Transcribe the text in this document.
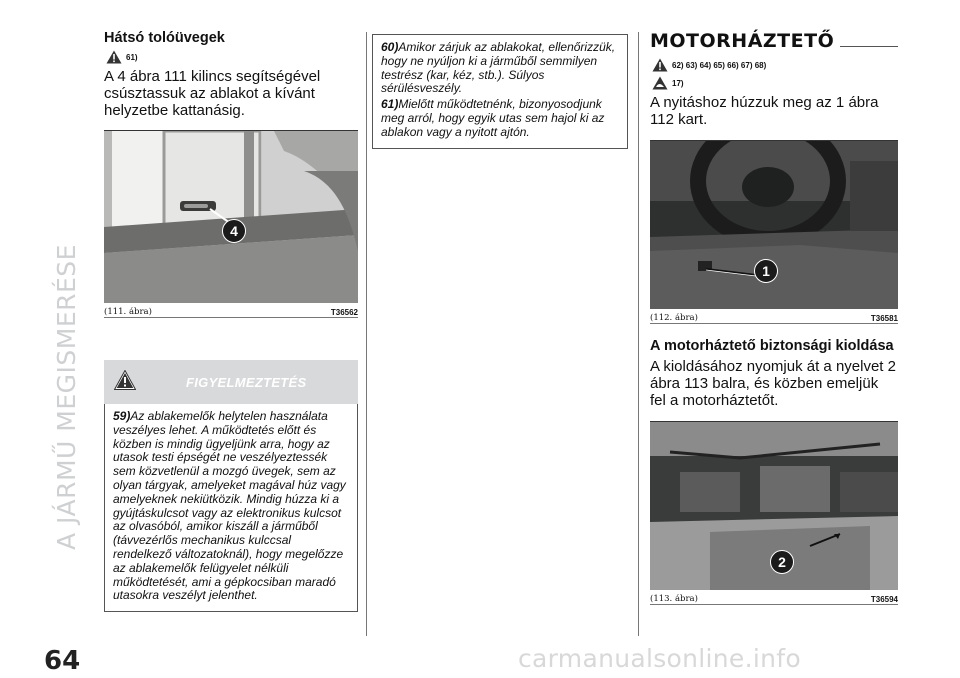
A JÁRMŰ MEGISMERÉSE
Hátsó tolóüvegek
61)
A 4 ábra 111 kilincs segítségével csúsztassuk az ablakot a kívánt helyzetbe kattanásig.
4
(111. ábra)	T36562
FIGYELMEZTETÉS
59)Az ablakemelők helytelen használata veszélyes lehet. A működtetés előtt és közben is mindig ügyeljünk arra, hogy az utasok testi épségét ne veszélyeztessék sem közvetlenül a mozgó üvegek, sem az olyan tárgyak, amelyeket magával húz vagy amelyeknek nekiütközik. Mindig húzza ki a gyújtáskulcsot vagy az elektronikus kulcsot az olvasóból, amikor kiszáll a járműből (távvezérlős mechanikus kulccsal rendelkező változatoknál), hogy megelőzze az ablakemelők felügyelet nélküli működtetését, ami a gépkocsiban maradó utasokra veszélyt jelenthet.
60)Amikor zárjuk az ablakokat, ellenőrizzük, hogy ne nyúljon ki a járműből semmilyen testrész (kar, kéz, stb.). Súlyos sérülésveszély.
61)Mielőtt működtetnénk, bizonyosodjunk meg arról, hogy egyik utas sem hajol ki az ablakon vagy a nyitott ajtón.
MOTORHÁZTETŐ
62) 63) 64) 65) 66) 67) 68)
17)
A nyitáshoz húzzuk meg az 1 ábra 112 kart.
1
(112. ábra)	T36581
A motorháztető biztonsági kioldása
A kioldásához nyomjuk át a nyelvet 2 ábra 113 balra, és közben emeljük fel a motorháztetőt.
2
(113. ábra)	T36594
64	carmanualsonline.info
